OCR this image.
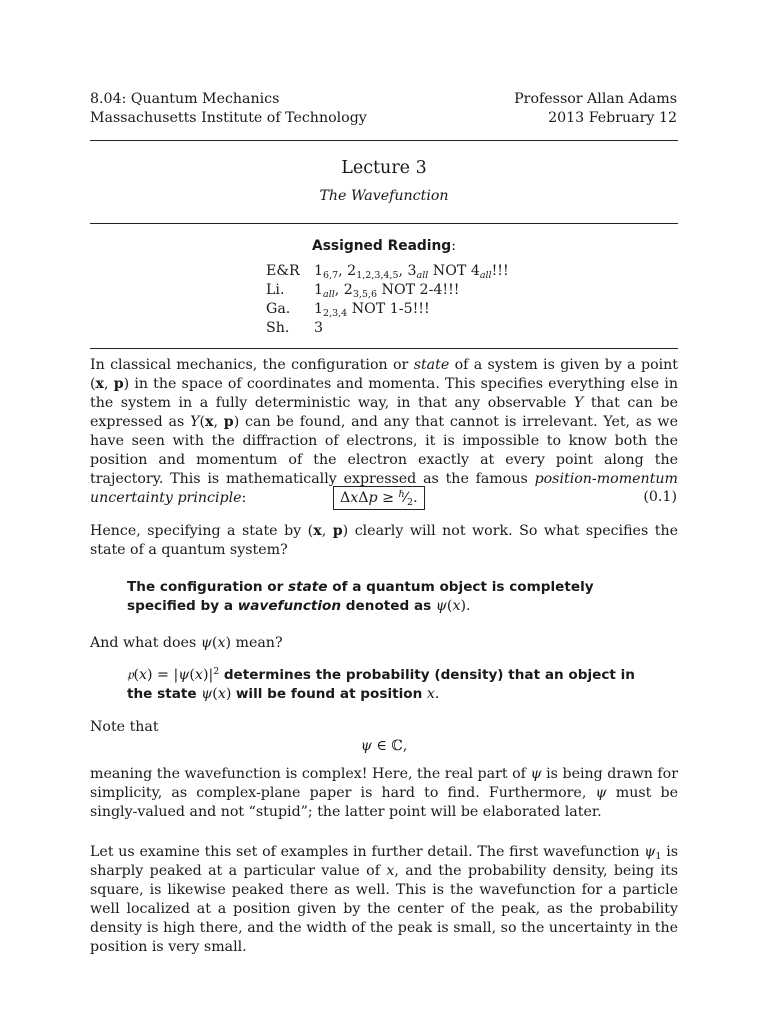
8.04: Quantum Mechanics
Massachusetts Institute of Technology
Professor Allan Adams
2013 February 12
Lecture 3
The Wavefunction
Assigned Reading:
E&R	$1_{6,7}$, $2_{1,2,3,4,5}$, $3_{all}$ NOT $4_{all}$!!!
Li.	$1_{all}$, $2_{3,5,6}$ NOT 2-4!!!
Ga.	$1_{2,3,4}$ NOT 1-5!!!
Sh.	3
In classical mechanics, the configuration or state of a system is given by a point (x, p) in the space of coordinates and momenta. This specifies everything else in the system in a fully deterministic way, in that any observable Y that can be expressed as Y(x, p) can be found, and any that cannot is irrelevant. Yet, as we have seen with the diffraction of electrons, it is impossible to know both the position and momentum of the electron exactly at every point along the trajectory. This is mathematically expressed as the famous position-momentum uncertainty principle:	$\Delta x\Delta p \ge ^\hbar⁄_2$.	(0.1)
Hence, specifying a state by (x, p) clearly will not work. So what specifies the state of a quantum system?
The configuration or state of a quantum object is completely specified by a wavefunction denoted as ψ(x).
And what does ψ(x) mean?
𝔭(x) = $|\psi(x)|^2$ determines the probability (density) that an object in the state ψ(x) will be found at position x.
Note that
ψ ∈ ℂ,
meaning the wavefunction is complex! Here, the real part of ψ is being drawn for simplicity, as complex-plane paper is hard to find. Furthermore, ψ must be singly-valued and not “stupid”; the latter point will be elaborated later.
Let us examine this set of examples in further detail. The first wavefunction $\psi_1$ is sharply peaked at a particular value of x, and the probability density, being its square, is likewise peaked there as well. This is the wavefunction for a particle well localized at a position given by the center of the peak, as the probability density is high there, and the width of the peak is small, so the uncertainty in the position is very small.
